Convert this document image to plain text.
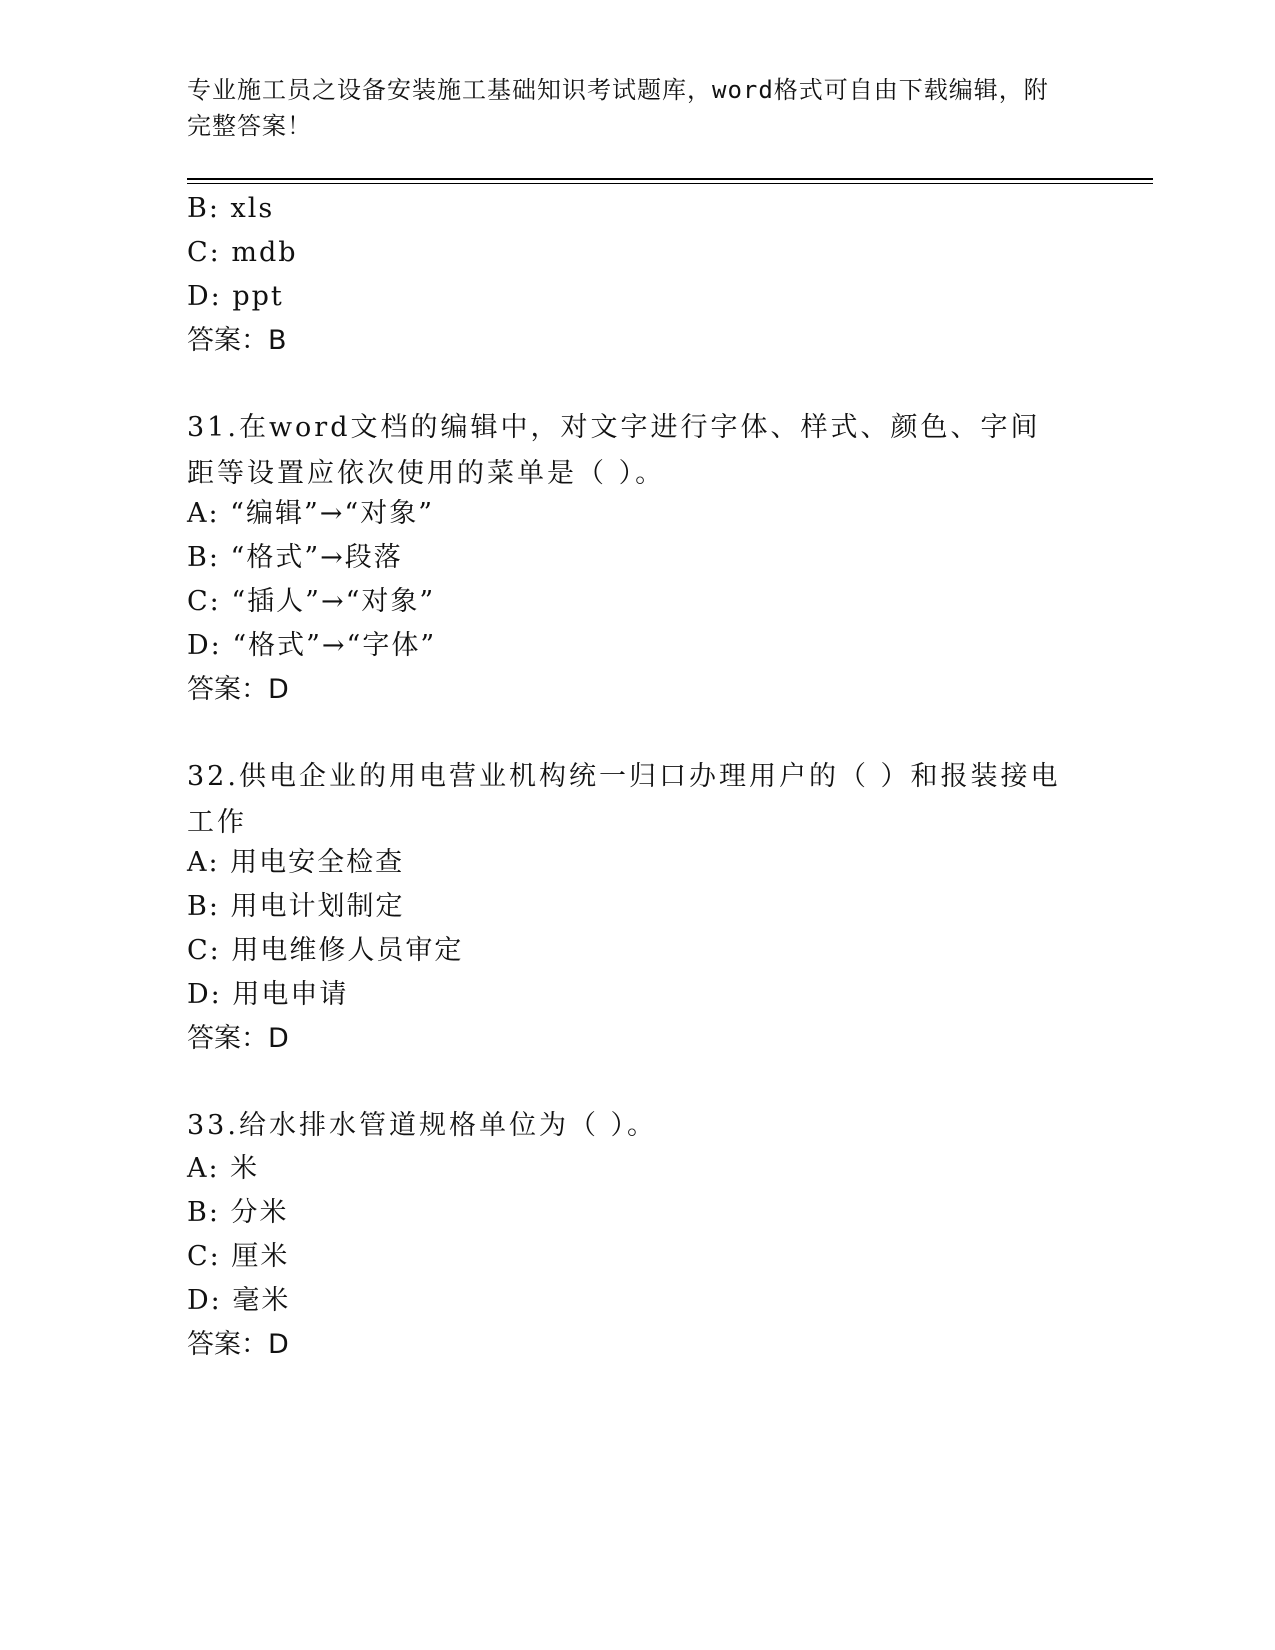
专业施工员之设备安装施工基础知识考试题库，word格式可自由下载编辑，附完整答案！
B: xls
C: mdb
D: ppt
答案：B
31.在word文档的编辑中，对文字进行字体、样式、颜色、字间距等设置应依次使用的菜单是（ ）。
A: “编辑”→“对象”
B: “格式”→段落
C: “插人”→“对象”
D: “格式”→“字体”
答案：D
32.供电企业的用电营业机构统一归口办理用户的（ ）和报装接电工作
A: 用电安全检查
B: 用电计划制定
C: 用电维修人员审定
D: 用电申请
答案：D
33.给水排水管道规格单位为（ ）。
A: 米
B: 分米
C: 厘米
D: 毫米
答案：D
